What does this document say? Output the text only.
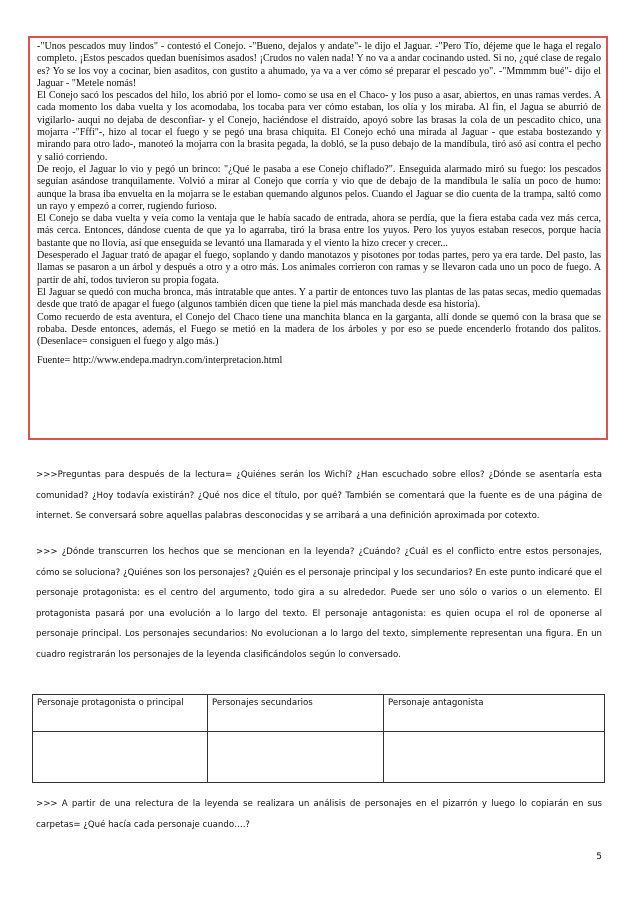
-"Unos pescados muy lindos" - contestó el Conejo. -"Bueno, dejalos y andate"- le dijo el Jaguar. -"Pero Tío, déjeme que le haga el regalo completo. ¡Estos pescados quedan buenísimos asados! ¡Crudos no valen nada! Y no va a andar cocinando usted. Si no, ¿qué clase de regalo es? Yo se los voy a cocinar, bien asaditos, con gustito a ahumado, ya va a ver cómo sé preparar el pescado yo". -"Mmmmm bué"- dijo el Jaguar - "Metele nomás!

El Conejo sacó los pescados del hilo, los abrió por el lomo- como se usa en el Chaco- y los puso a asar, abiertos, en unas ramas verdes. A cada momento los daba vuelta y los acomodaba, los tocaba para ver cómo estaban, los olía y los miraba. Al fin, el Jagua se aburrió de vigilarlo- auqui no dejaba de desconfiar- y el Conejo, haciéndose el distraído, apoyó sobre las brasas la cola de un pescadito chico, una mojarra -"Fffi"-, hizo al tocar el fuego y se pegó una brasa chiquita. El Conejo echó una mirada al Jaguar - que estaba bostezando y mirando para otro lado-, manoteó la mojarra con la brasita pegada, la dobló, se la puso debajo de la mandíbula, tiró asó así contra el pecho y salió corriendo.

De reojo, el Jaguar lo vio y pegó un brinco: "¿Qué le pasaba a ese Conejo chiflado?". Enseguida alarmado miró su fuego: los pescados seguían asándose tranquilamente. Volvió a mirar al Conejo que corría y vio que de debajo de la mandíbula le salía un poco de humo: aunque la brasa iba envuelta en la mojarra se le estaban quemando algunos pelos. Cuando el Jaguar se dio cuenta de la trampa, saltó como un rayo y empezó a correr, rugiendo furioso.

El Conejo se daba vuelta y veía como la ventaja que le había sacado de entrada, ahora se perdía, que la fiera estaba cada vez más cerca, más cerca. Entonces, dándose cuenta de que ya lo agarraba, tiró la brasa entre los yuyos. Pero los yuyos estaban resecos, porque hacía bastante que no llovía, así que enseguida se levantó una llamarada y el viento la hizo crecer y crecer...

Desesperado el Jaguar trató de apagar el fuego, soplando y dando manotazos y pisotones por todas partes, pero ya era tarde. Del pasto, las llamas se pasaron a un árbol y después a otro y a otro más. Los animales corrieron con ramas y se llevaron cada uno un poco de fuego. A partir de ahí, todos tuvieron su propia fogata.

El Jaguar se quedó con mucha bronca, más intratable que antes. Y a partir de entonces tuvo las plantas de las patas secas, medio quemadas desde que trató de apagar el fuego (algunos también dicen que tiene la piel más manchada desde esa historia).

Como recuerdo de esta aventura, el Conejo del Chaco tiene una manchita blanca en la garganta, allí donde se quemó con la brasa que se robaba. Desde entonces, además, el Fuego se metió en la madera de los árboles y por eso se puede encenderlo frotando dos palitos. (Desenlace= consiguen el fuego y algo más.)

Fuente= http://www.endepa.madryn.com/interpretacion.html

>>>Preguntas para después de la lectura= ¿Quiénes serán los Wichí? ¿Han escuchado sobre ellos? ¿Dónde se asentaría esta comunidad? ¿Hoy todavía existirán? ¿Qué nos dice el título, por qué? También se comentará que la fuente es de una página de internet. Se conversará sobre aquellas palabras desconocidas y se arribará a una definición aproximada por cotexto.

>>> ¿Dónde transcurren los hechos que se mencionan en la leyenda? ¿Cuándo? ¿Cuál es el conflicto entre estos personajes, cómo se soluciona? ¿Quiénes son los personajes? ¿Quién es el personaje principal y los secundarios? En este punto indicaré que el personaje protagonista: es el centro del argumento, todo gira a su alrededor. Puede ser uno sólo o varios o un elemento. El protagonista pasará por una evolución a lo largo del texto. El personaje antagonista: es quien ocupa el rol de oponerse al personaje principal. Los personajes secundarios: No evolucionan a lo largo del texto, simplemente representan una figura. En un cuadro registrarán los personajes de la leyenda clasificándolos según lo conversado.

Personaje protagonista o principal	Personajes secundarios	Personaje antagonista

>>> A partir de una relectura de la leyenda se realizara un análisis de personajes en el pizarrón y luego lo copiarán en sus carpetas= ¿Qué hacía cada personaje cuando….?

5
